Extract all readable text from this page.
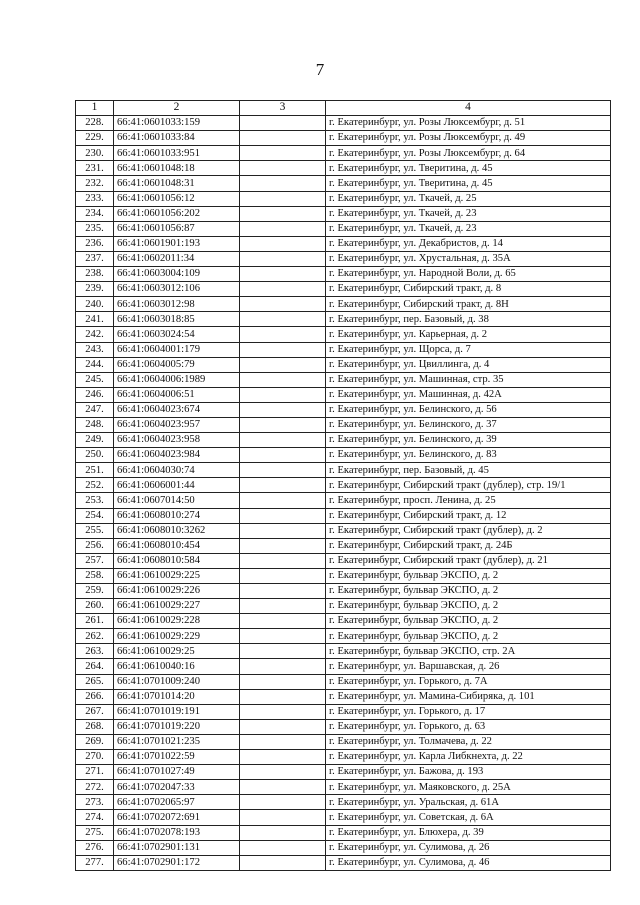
7
1	2	3	4
228.	66:41:0601033:159		г. Екатеринбург, ул. Розы Люксембург, д. 51
229.	66:41:0601033:84		г. Екатеринбург, ул. Розы Люксембург, д. 49
230.	66:41:0601033:951		г. Екатеринбург, ул. Розы Люксембург, д. 64
231.	66:41:0601048:18		г. Екатеринбург, ул. Тверитина, д. 45
232.	66:41:0601048:31		г. Екатеринбург, ул. Тверитина, д. 45
233.	66:41:0601056:12		г. Екатеринбург, ул. Ткачей, д. 25
234.	66:41:0601056:202		г. Екатеринбург, ул. Ткачей, д. 23
235.	66:41:0601056:87		г. Екатеринбург, ул. Ткачей, д. 23
236.	66:41:0601901:193		г. Екатеринбург, ул. Декабристов, д. 14
237.	66:41:0602011:34		г. Екатеринбург, ул. Хрустальная, д. 35А
238.	66:41:0603004:109		г. Екатеринбург, ул. Народной Воли, д. 65
239.	66:41:0603012:106		г. Екатеринбург, Сибирский тракт, д. 8
240.	66:41:0603012:98		г. Екатеринбург, Сибирский тракт, д. 8Н
241.	66:41:0603018:85		г. Екатеринбург, пер. Базовый, д. 38
242.	66:41:0603024:54		г. Екатеринбург, ул. Карьерная, д. 2
243.	66:41:0604001:179		г. Екатеринбург, ул. Щорса, д. 7
244.	66:41:0604005:79		г. Екатеринбург, ул. Цвиллинга, д. 4
245.	66:41:0604006:1989		г. Екатеринбург, ул. Машинная, стр. 35
246.	66:41:0604006:51		г. Екатеринбург, ул. Машинная, д. 42А
247.	66:41:0604023:674		г. Екатеринбург, ул. Белинского, д. 56
248.	66:41:0604023:957		г. Екатеринбург, ул. Белинского, д. 37
249.	66:41:0604023:958		г. Екатеринбург, ул. Белинского, д. 39
250.	66:41:0604023:984		г. Екатеринбург, ул. Белинского, д. 83
251.	66:41:0604030:74		г. Екатеринбург, пер. Базовый, д. 45
252.	66:41:0606001:44		г. Екатеринбург, Сибирский тракт (дублер), стр. 19/1
253.	66:41:0607014:50		г. Екатеринбург, просп. Ленина, д. 25
254.	66:41:0608010:274		г. Екатеринбург, Сибирский тракт, д. 12
255.	66:41:0608010:3262		г. Екатеринбург, Сибирский тракт (дублер), д. 2
256.	66:41:0608010:454		г. Екатеринбург, Сибирский тракт, д. 24Б
257.	66:41:0608010:584		г. Екатеринбург, Сибирский тракт (дублер), д. 21
258.	66:41:0610029:225		г. Екатеринбург, бульвар ЭКСПО, д. 2
259.	66:41:0610029:226		г. Екатеринбург, бульвар ЭКСПО, д. 2
260.	66:41:0610029:227		г. Екатеринбург, бульвар ЭКСПО, д. 2
261.	66:41:0610029:228		г. Екатеринбург, бульвар ЭКСПО, д. 2
262.	66:41:0610029:229		г. Екатеринбург, бульвар ЭКСПО, д. 2
263.	66:41:0610029:25		г. Екатеринбург, бульвар ЭКСПО, стр. 2А
264.	66:41:0610040:16		г. Екатеринбург, ул. Варшавская, д. 26
265.	66:41:0701009:240		г. Екатеринбург, ул. Горького, д. 7А
266.	66:41:0701014:20		г. Екатеринбург, ул. Мамина-Сибиряка, д. 101
267.	66:41:0701019:191		г. Екатеринбург, ул. Горького, д. 17
268.	66:41:0701019:220		г. Екатеринбург, ул. Горького, д. 63
269.	66:41:0701021:235		г. Екатеринбург, ул. Толмачева, д. 22
270.	66:41:0701022:59		г. Екатеринбург, ул. Карла Либкнехта, д. 22
271.	66:41:0701027:49		г. Екатеринбург, ул. Бажова, д. 193
272.	66:41:0702047:33		г. Екатеринбург, ул. Маяковского, д. 25А
273.	66:41:0702065:97		г. Екатеринбург, ул. Уральская, д. 61А
274.	66:41:0702072:691		г. Екатеринбург, ул. Советская, д. 6А
275.	66:41:0702078:193		г. Екатеринбург, ул. Блюхера, д. 39
276.	66:41:0702901:131		г. Екатеринбург, ул. Сулимова, д. 26
277.	66:41:0702901:172		г. Екатеринбург, ул. Сулимова, д. 46
